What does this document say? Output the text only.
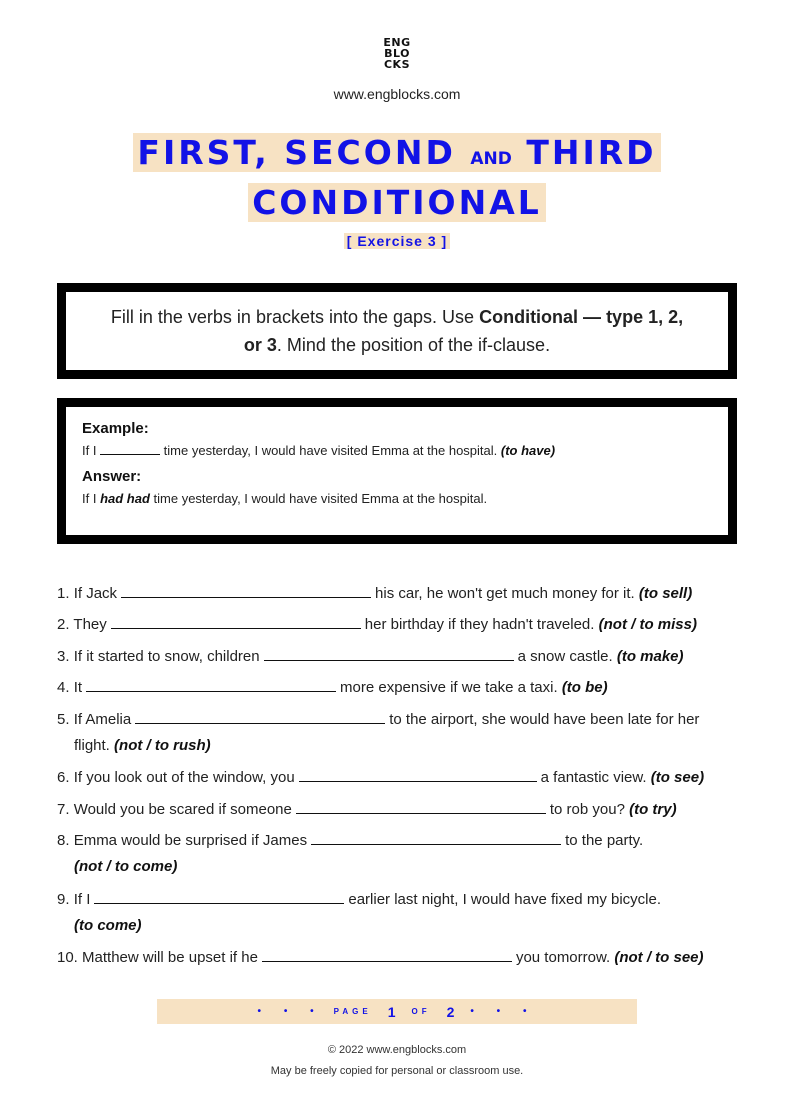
ENG
BLO
CKS
www.engblocks.com
FIRST, SECOND AND THIRD
CONDITIONAL
[ Exercise 3 ]

Fill in the verbs in brackets into the gaps. Use Conditional — type 1, 2,
or 3. Mind the position of the if-clause.

Example:
If I	time yesterday, I would have visited Emma at the hospital. (to have)
Answer:
If I had had time yesterday, I would have visited Emma at the hospital.
1. If Jack	his car, he won't get much money for it. (to sell)
2. They	her birthday if they hadn't traveled. (not / to miss)
3. If it started to snow, children	a snow castle. (to make)
4. It	more expensive if we take a taxi. (to be)
5. If Amelia	to the airport, she would have been late for her
flight. (not / to rush)
6. If you look out of the window, you	a fantastic view. (to see)
7. Would you be scared if someone	to rob you? (to try)
8. Emma would be surprised if James	to the party.
(not / to come)
9. If I	earlier last night, I would have fixed my bicycle.
(to come)
10. Matthew will be upset if he	you tomorrow. (not / to see)
• • • PAGE 1 OF 2 • • •
© 2022 www.engblocks.com
May be freely copied for personal or classroom use.
